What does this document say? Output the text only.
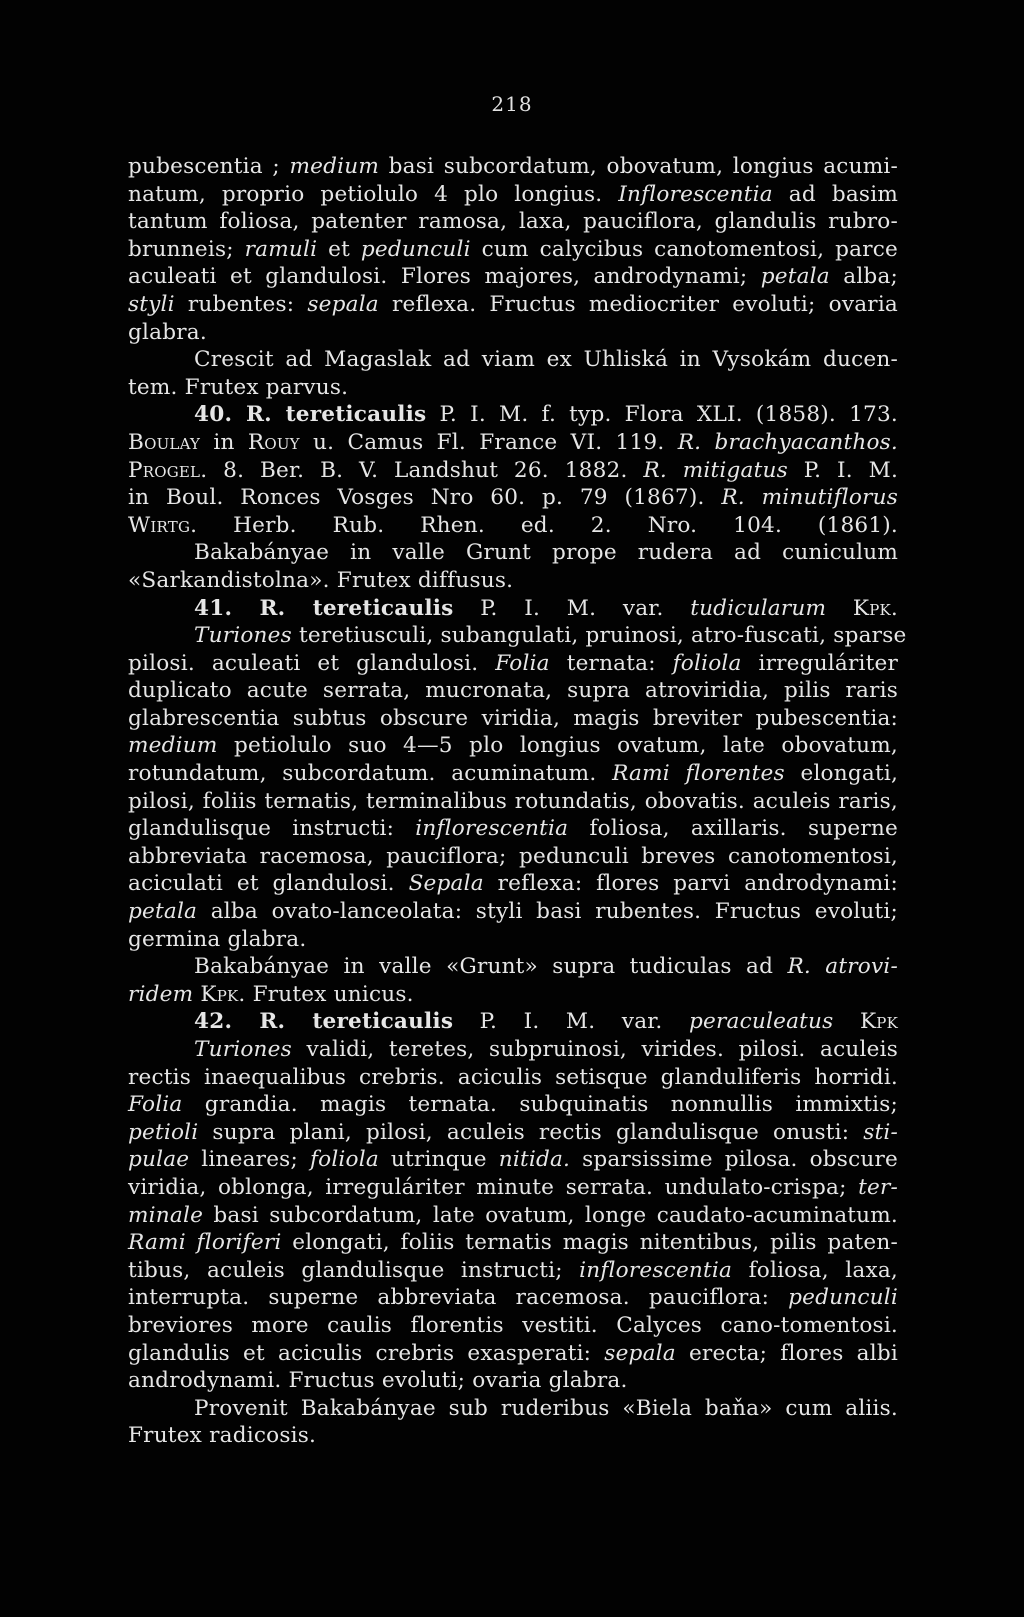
218
pubescentia ; medium basi subcordatum, obovatum, longius acumi-
natum, proprio petiolulo 4 plo longius. Inflorescentia ad basim
tantum foliosa, patenter ramosa, laxa, pauciflora, glandulis rubro-
brunneis; ramuli et pedunculi cum calycibus canotomentosi, parce
aculeati et glandulosi. Flores majores, androdynami; petala alba;
styli rubentes: sepala reflexa. Fructus mediocriter evoluti; ovaria
glabra.
Crescit ad Magaslak ad viam ex Uhliská in Vysokám ducen-
tem. Frutex parvus.
40. R. tereticaulis P. I. M. f. typ. Flora XLI. (1858). 173.
Boulay in Rouy u. Camus Fl. France VI. 119. R. brachyacanthos.
Progel. 8. Ber. B. V. Landshut 26. 1882. R. mitigatus P. I. M.
in Boul. Ronces Vosges Nro 60. p. 79 (1867). R. minutiflorus
Wirtg. Herb. Rub. Rhen. ed. 2. Nro. 104. (1861).
Bakabányae in valle Grunt prope rudera ad cuniculum
«Sarkandistolna». Frutex diffusus.
41. R. tereticaulis P. I. M. var. tudicularum Kpk.
Turiones teretiusculi, subangulati, pruinosi, atro-fuscati, sparse
pilosi. aculeati et glandulosi. Folia ternata: foliola irreguláriter
duplicato acute serrata, mucronata, supra atroviridia, pilis raris
glabrescentia subtus obscure viridia, magis breviter pubescentia:
medium petiolulo suo 4—5 plo longius ovatum, late obovatum,
rotundatum, subcordatum. acuminatum. Rami florentes elongati,
pilosi, foliis ternatis, terminalibus rotundatis, obovatis. aculeis raris,
glandulisque instructi: inflorescentia foliosa, axillaris. superne
abbreviata racemosa, pauciflora; pedunculi breves canotomentosi,
aciculati et glandulosi. Sepala reflexa: flores parvi androdynami:
petala alba ovato-lanceolata: styli basi rubentes. Fructus evoluti;
germina glabra.
Bakabányae in valle «Grunt» supra tudiculas ad R. atrovi-
ridem Kpk. Frutex unicus.
42. R. tereticaulis P. I. M. var. peraculeatus Kpk
Turiones validi, teretes, subpruinosi, virides. pilosi. aculeis
rectis inaequalibus crebris. aciculis setisque glanduliferis horridi.
Folia grandia. magis ternata. subquinatis nonnullis immixtis;
petioli supra plani, pilosi, aculeis rectis glandulisque onusti: sti-
pulae lineares; foliola utrinque nitida. sparsissime pilosa. obscure
viridia, oblonga, irreguláriter minute serrata. undulato-crispa; ter-
minale basi subcordatum, late ovatum, longe caudato-acuminatum.
Rami floriferi elongati, foliis ternatis magis nitentibus, pilis paten-
tibus, aculeis glandulisque instructi; inflorescentia foliosa, laxa,
interrupta. superne abbreviata racemosa. pauciflora: pedunculi
breviores more caulis florentis vestiti. Calyces cano-tomentosi.
glandulis et aciculis crebris exasperati: sepala erecta; flores albi
androdynami. Fructus evoluti; ovaria glabra.
Provenit Bakabányae sub ruderibus «Biela baňa» cum aliis.
Frutex radicosis.
